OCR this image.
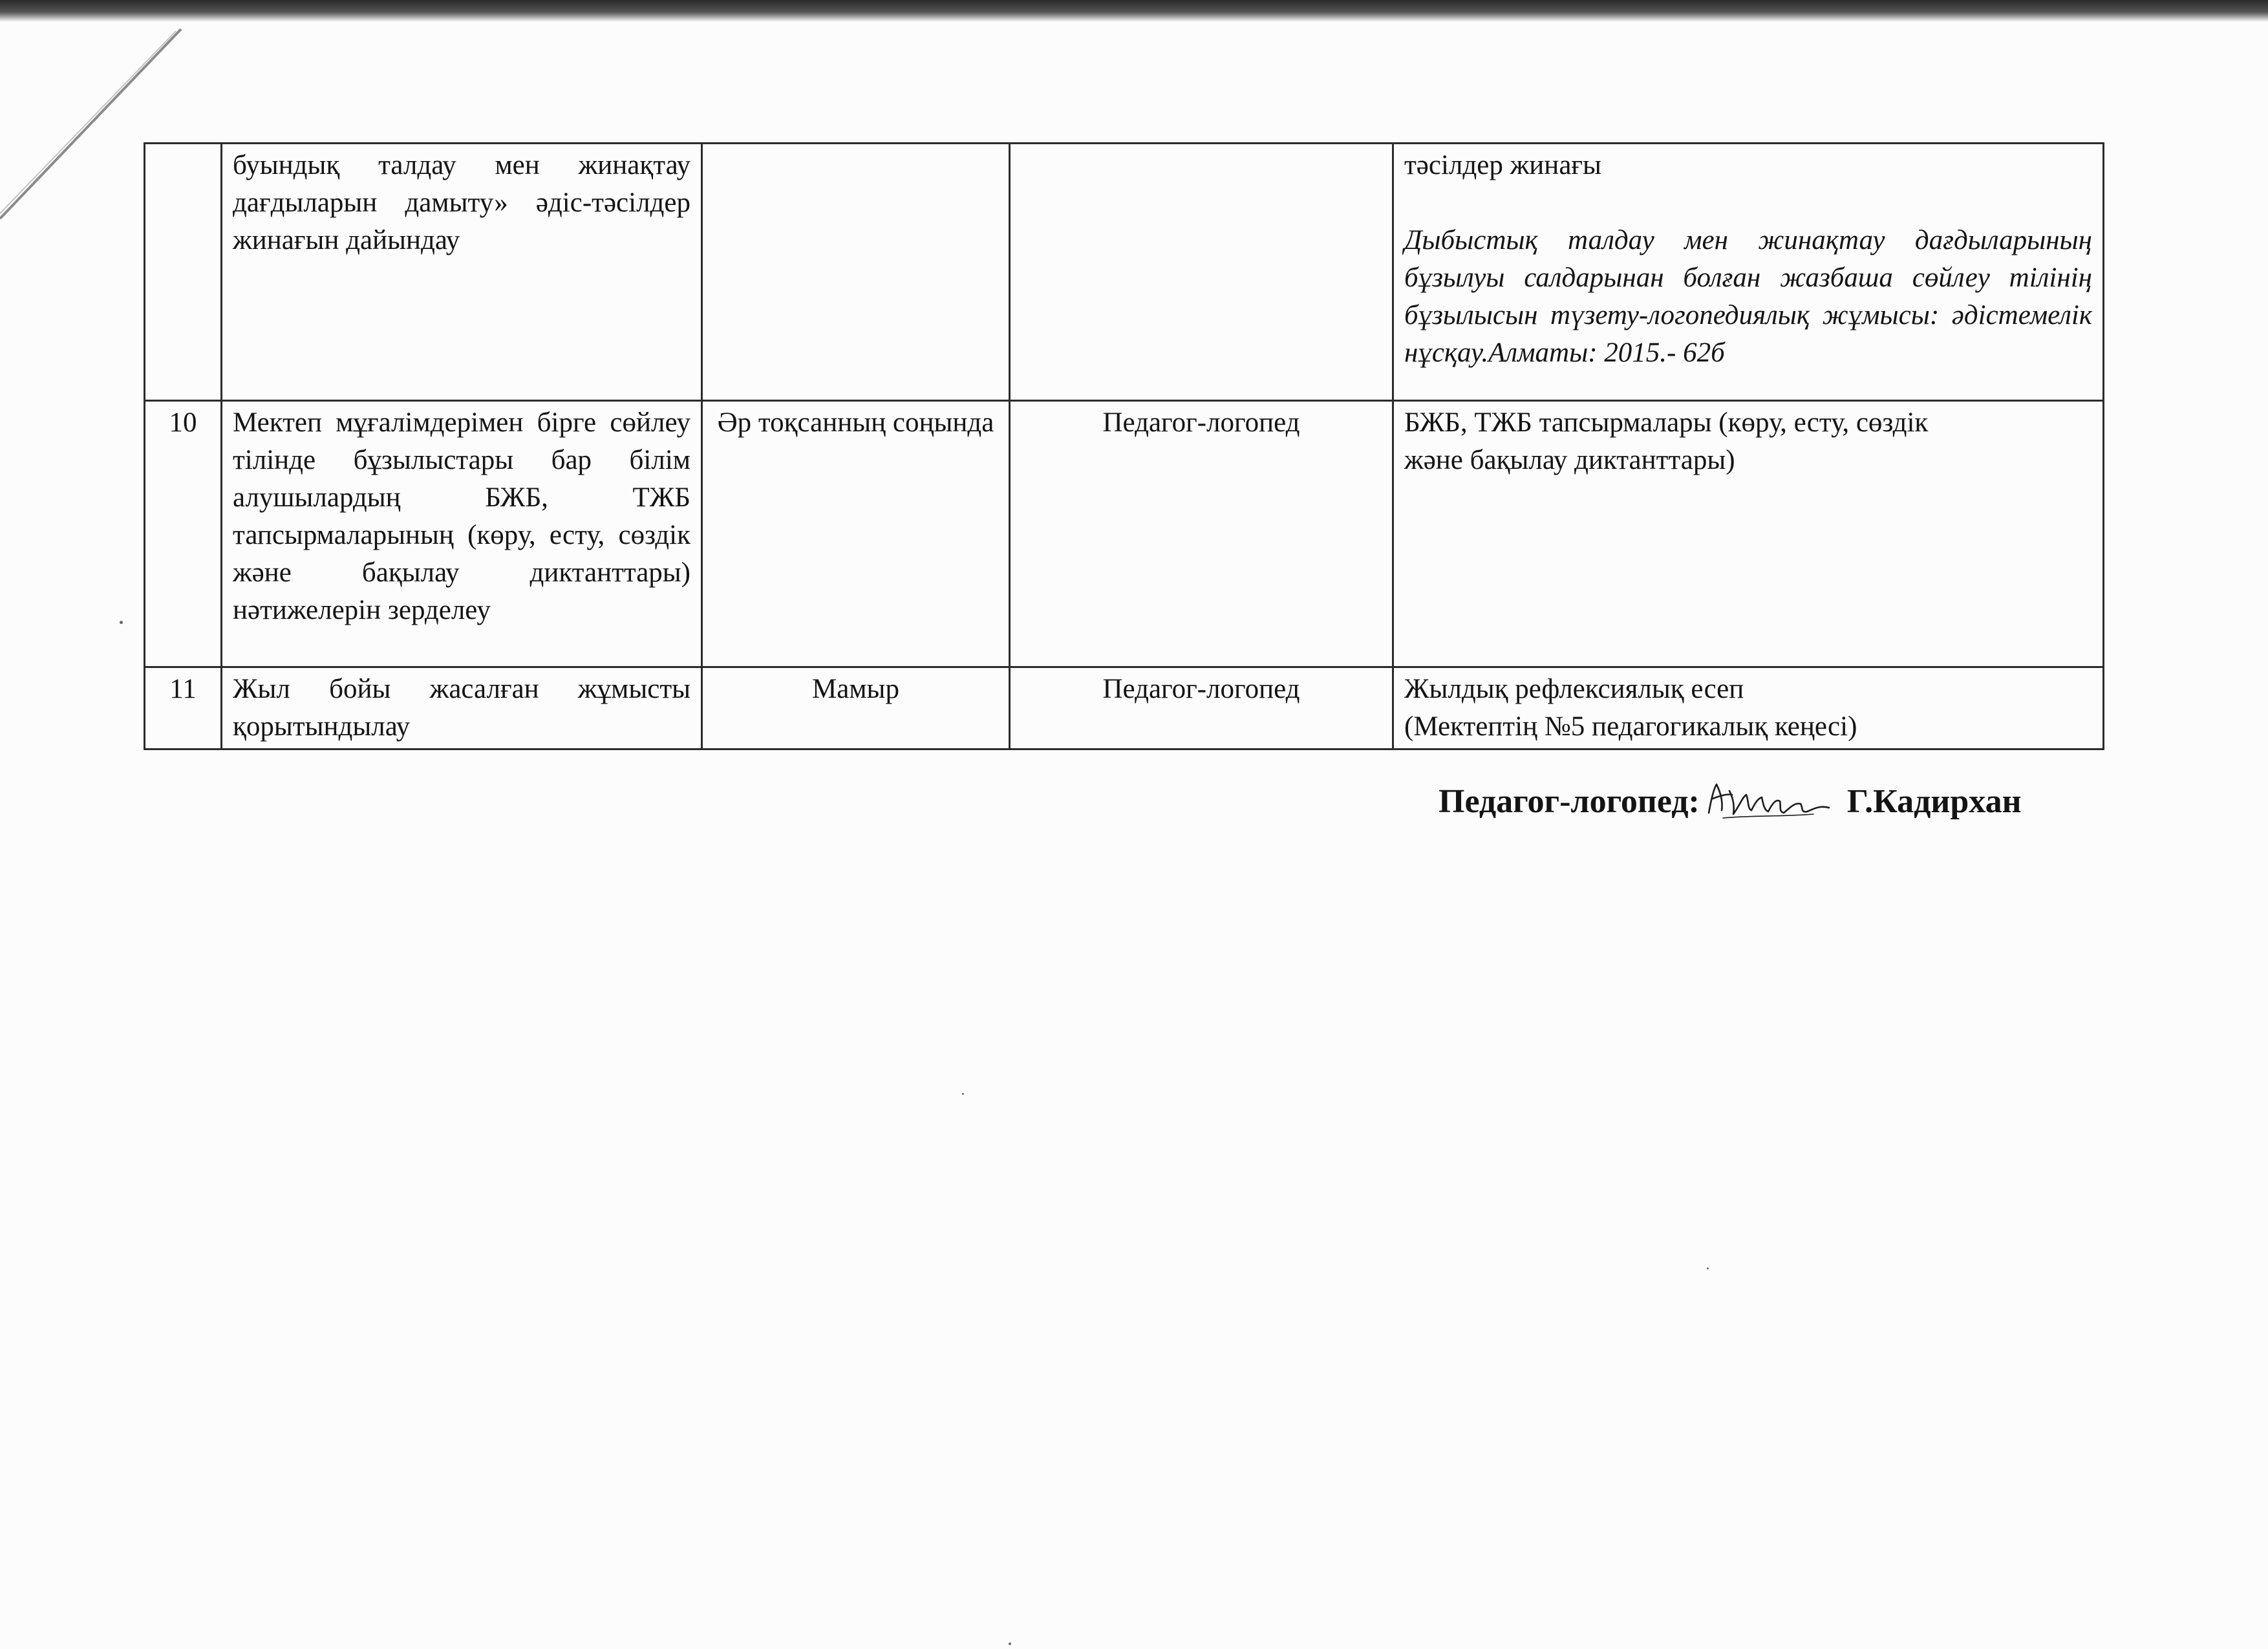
	буындық талдау мен жинақтау дағдыларын дамыту» әдіс-тәсілдер жинағын дайындау			тәсілдер жинағы
Дыбыстық талдау мен жинақтау дағдыларының бұзылуы салдарынан болған жазбаша сөйлеу тілінің бұзылысын түзету-логопедиялық жұмысы: әдістемелік нұсқау.Алматы: 2015.- 62б

10	Мектеп мұғалімдерімен бірге сөйлеу тілінде бұзылыстары бар білім алушылардың БЖБ, ТЖБ тапсырмаларының (көру, есту, сөздік және бақылау диктанттары) нәтижелерін зерделеу	Әр тоқсанның соңында	Педагог-логопед	БЖБ, ТЖБ тапсырмалары (көру, есту, сөздік
және бақылау диктанттары)

11	Жыл бойы жасалған жұмысты қорытындылау	Мамыр	Педагог-логопед	Жылдық рефлексиялық есеп
(Мектептің №5 педагогикалық кеңесі)
Педагог-логопед:	Г.Кадирхан
